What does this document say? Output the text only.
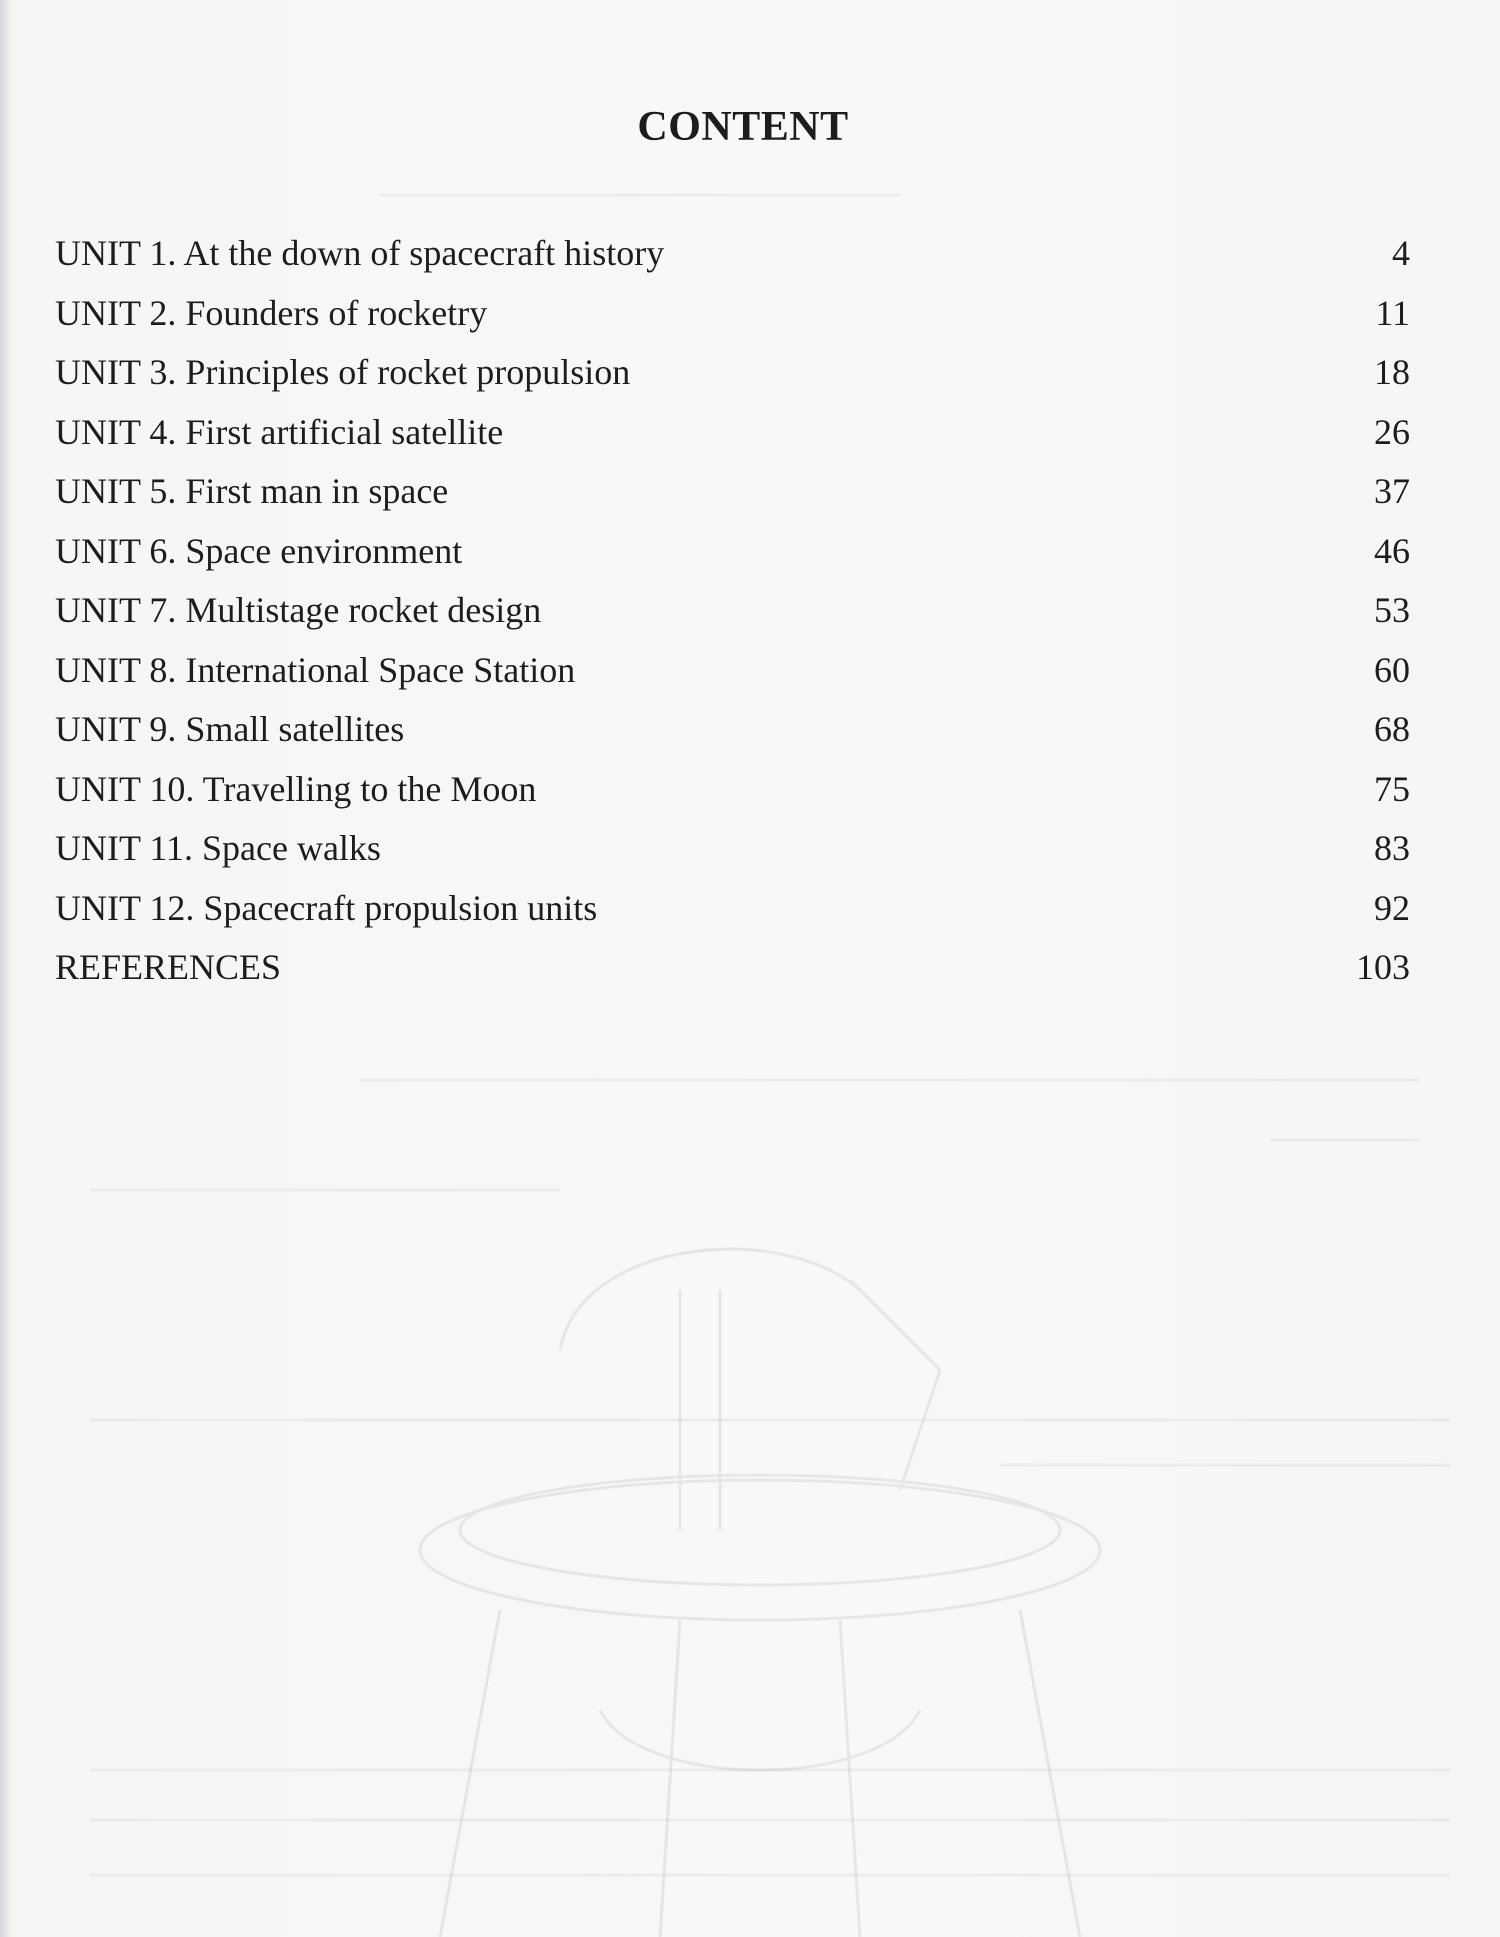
CONTENT
UNIT 1. At the down of spacecraft history	4
UNIT 2. Founders of rocketry	11
UNIT 3. Principles of rocket propulsion	18
UNIT 4. First artificial satellite	26
UNIT 5. First man in space	37
UNIT 6. Space environment	46
UNIT 7. Multistage rocket design	53
UNIT 8. International Space Station	60
UNIT 9. Small satellites	68
UNIT 10. Travelling to the Moon	75
UNIT 11. Space walks	83
UNIT 12. Spacecraft propulsion units	92
REFERENCES	103
